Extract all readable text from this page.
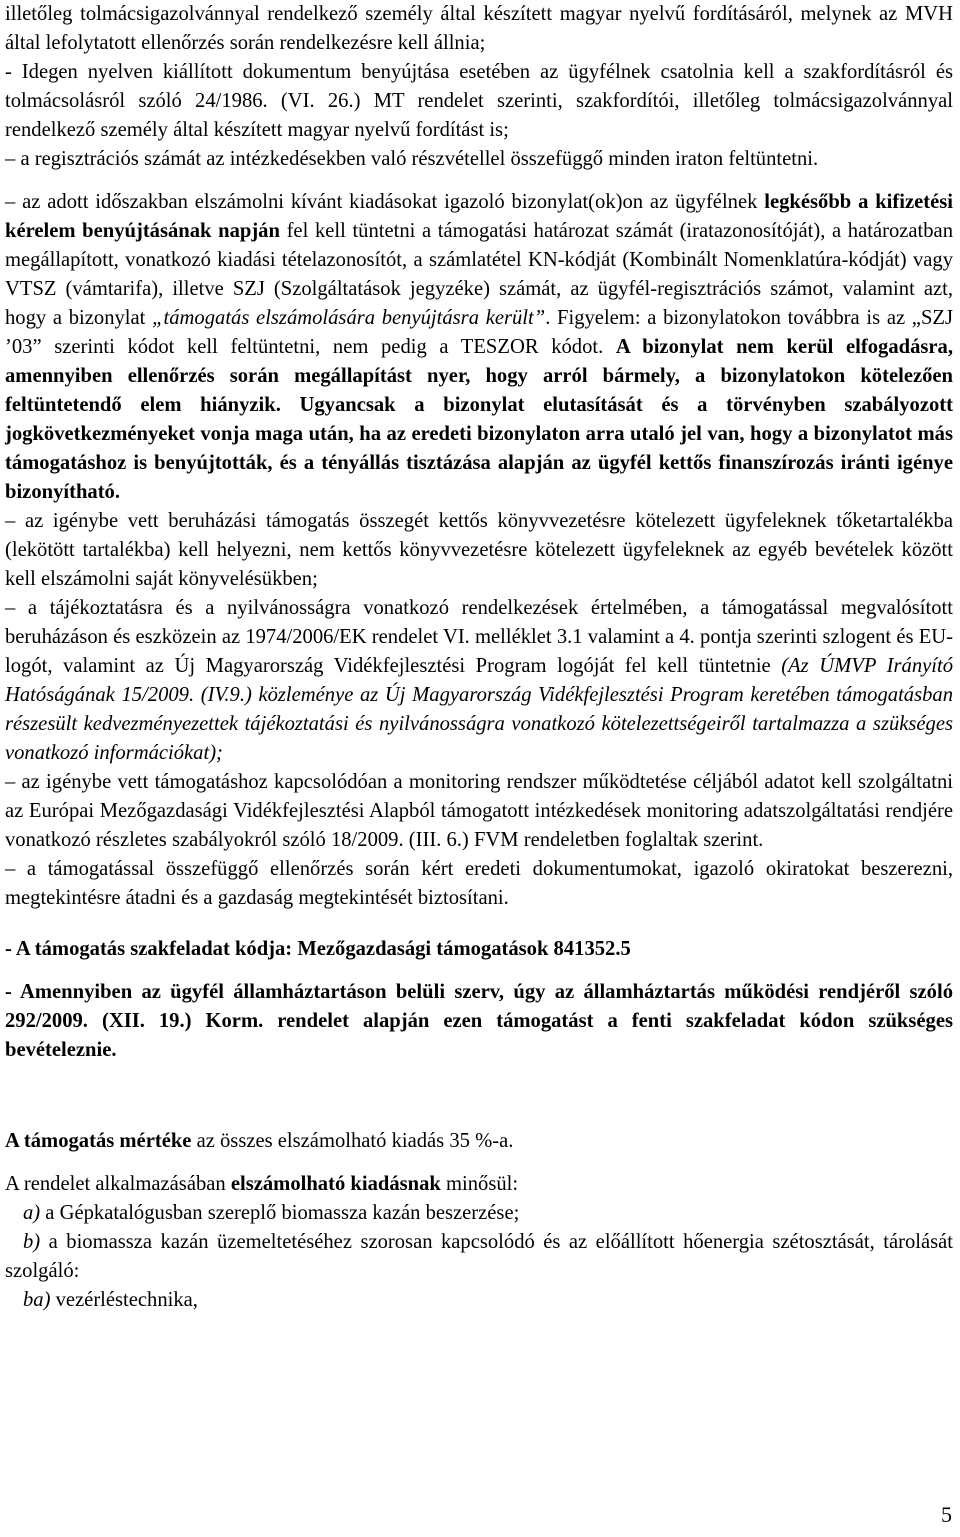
illetőleg tolmácsigazolvánnyal rendelkező személy által készített magyar nyelvű fordításáról, melynek az MVH által lefolytatott ellenőrzés során rendelkezésre kell állnia;
- Idegen nyelven kiállított dokumentum benyújtása esetében az ügyfélnek csatolnia kell a szakfordításról és tolmácsolásról szóló 24/1986. (VI. 26.) MT rendelet szerinti, szakfordítói, illetőleg tolmácsigazolvánnyal rendelkező személy által készített magyar nyelvű fordítást is;
– a regisztrációs számát az intézkedésekben való részvétellel összefüggő minden iraton feltüntetni.

– az adott időszakban elszámolni kívánt kiadásokat igazoló bizonylat(ok)on az ügyfélnek legkésőbb a kifizetési kérelem benyújtásának napján fel kell tüntetni a támogatási határozat számát (iratazonosítóját), a határozatban megállapított, vonatkozó kiadási tételazonosítót, a számlatétel KN-kódját (Kombinált Nomenklatúra-kódját) vagy VTSZ (vámtarifa), illetve SZJ (Szolgáltatások jegyzéke) számát, az ügyfél-regisztrációs számot, valamint azt, hogy a bizonylat „támogatás elszámolására benyújtásra került”. Figyelem: a bizonylatokon továbbra is az „SZJ ’03” szerinti kódot kell feltüntetni, nem pedig a TESZOR kódot. A bizonylat nem kerül elfogadásra, amennyiben ellenőrzés során megállapítást nyer, hogy arról bármely, a bizonylatokon kötelezően feltüntetendő elem hiányzik. Ugyancsak a bizonylat elutasítását és a törvényben szabályozott jogkövetkezményeket vonja maga után, ha az eredeti bizonylaton arra utaló jel van, hogy a bizonylatot más támogatáshoz is benyújtották, és a tényállás tisztázása alapján az ügyfél kettős finanszírozás iránti igénye bizonyítható.

– az igénybe vett beruházási támogatás összegét kettős könyvvezetésre kötelezett ügyfeleknek tőketartalékba (lekötött tartalékba) kell helyezni, nem kettős könyvvezetésre kötelezett ügyfeleknek az egyéb bevételek között kell elszámolni saját könyvelésükben;

– a tájékoztatásra és a nyilvánosságra vonatkozó rendelkezések értelmében, a támogatással megvalósított beruházáson és eszközein az 1974/2006/EK rendelet VI. melléklet 3.1 valamint a 4. pontja szerinti szlogent és EU-logót, valamint az Új Magyarország Vidékfejlesztési Program logóját fel kell tüntetnie (Az ÚMVP Irányító Hatóságának 15/2009. (IV.9.) közleménye az Új Magyarország Vidékfejlesztési Program keretében támogatásban részesült kedvezményezettek tájékoztatási és nyilvánosságra vonatkozó kötelezettségeiről tartalmazza a szükséges vonatkozó információkat);

– az igénybe vett támogatáshoz kapcsolódóan a monitoring rendszer működtetése céljából adatot kell szolgáltatni az Európai Mezőgazdasági Vidékfejlesztési Alapból támogatott intézkedések monitoring adatszolgáltatási rendjére vonatkozó részletes szabályokról szóló 18/2009. (III. 6.) FVM rendeletben foglaltak szerint.

– a támogatással összefüggő ellenőrzés során kért eredeti dokumentumokat, igazoló okiratokat beszerezni, megtekintésre átadni és a gazdaság megtekintését biztosítani.

- A támogatás szakfeladat kódja: Mezőgazdasági támogatások 841352.5

- Amennyiben az ügyfél államháztartáson belüli szerv, úgy az államháztartás működési rendjéről szóló 292/2009. (XII. 19.) Korm. rendelet alapján ezen támogatást a fenti szakfeladat kódon szükséges bevételeznie.

A támogatás mértéke az összes elszámolható kiadás 35 %-a.

A rendelet alkalmazásában elszámolható kiadásnak minősül:

a) a Gépkatalógusban szereplő biomassza kazán beszerzése;

b) a biomassza kazán üzemeltetéséhez szorosan kapcsolódó és az előállított hőenergia szétosztását, tárolását szolgáló:

ba) vezérléstechnika,

5
